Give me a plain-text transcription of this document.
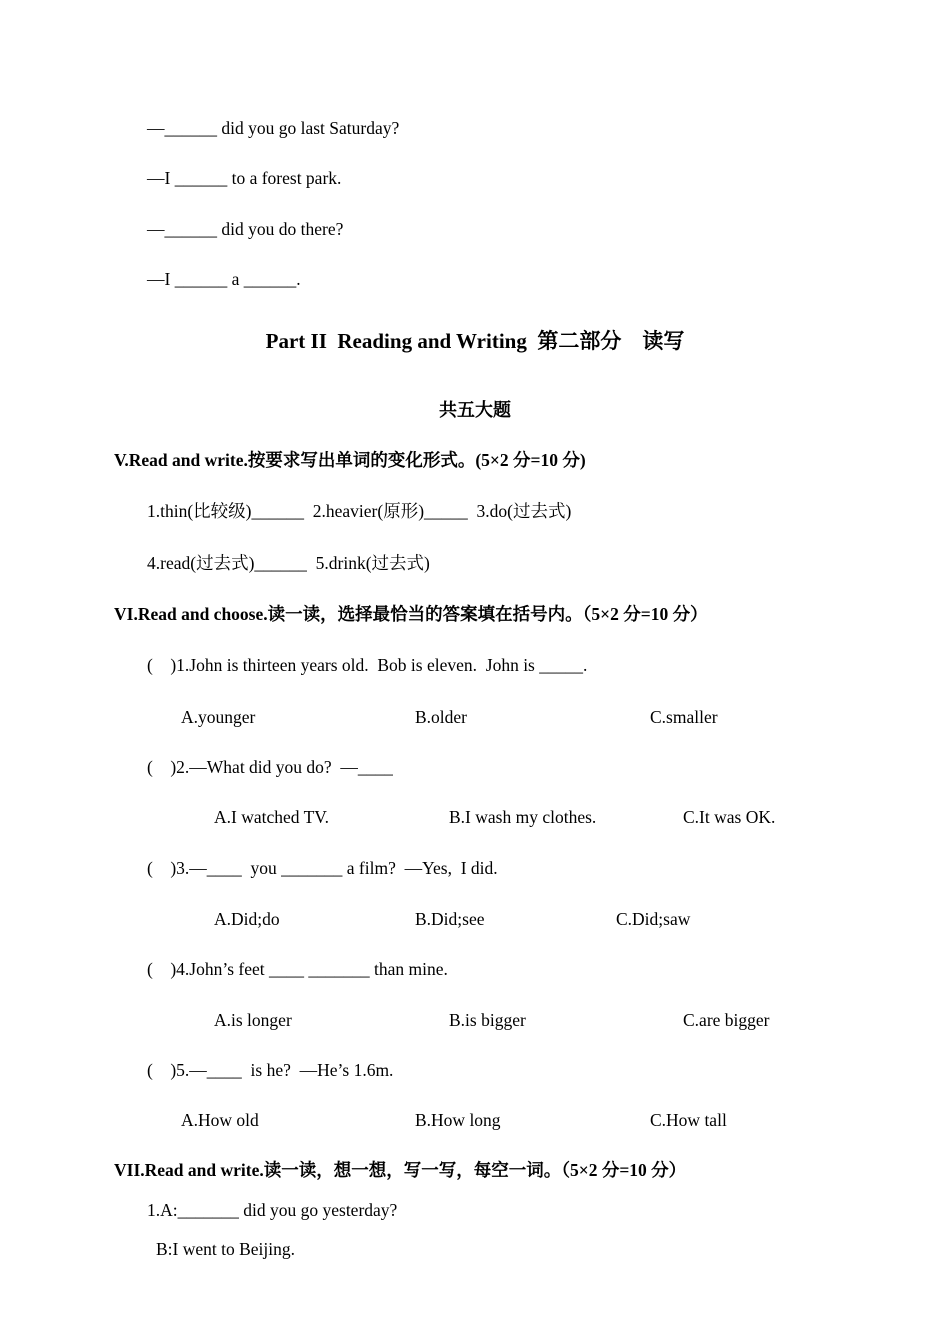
—______ did you go last Saturday?
—I ______ to a forest park.
—______ did you do there?
—I ______ a ______.
Part II  Reading and Writing  第二部分    读写
共五大题
V.Read and write.按要求写出单词的变化形式。(5×2 分=10 分)
1.thin(比较级)______  2.heavier(原形)_____  3.do(过去式)
4.read(过去式)______  5.drink(过去式)
VI.Read and choose.读一读，选择最恰当的答案填在括号内。（5×2 分=10 分）
(    )1.John is thirteen years old.  Bob is eleven.  John is _____.
A.younger	B.older	C.smaller
(    )2.—What did you do?  —____
A.I watched TV.	B.I wash my clothes.	C.It was OK.
(    )3.—____  you _______ a film?  —Yes,  I did.
A.Did;do	B.Did;see	C.Did;saw
(    )4.John’s feet ____ _______ than mine.
A.is longer	B.is bigger	C.are bigger
(    )5.—____  is he?  —He’s 1.6m.
A.How old	B.How long	C.How tall
VII.Read and write.读一读，想一想，写一写，每空一词。（5×2 分=10 分）
1.A:_______ did you go yesterday?
B:I went to Beijing.
